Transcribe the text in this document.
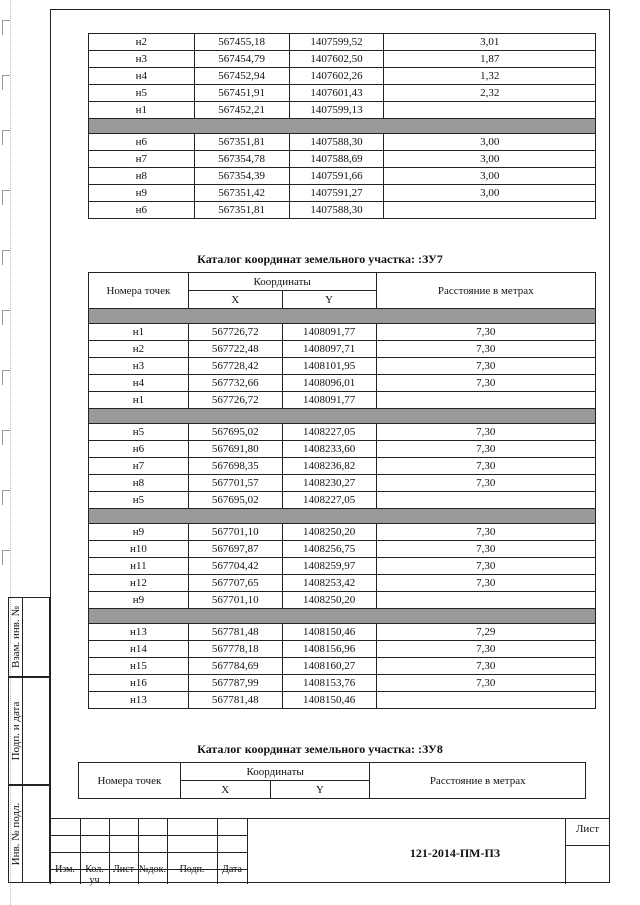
Взам. инв. №
Подп. и дата
Инв. № подл.
н2	567455,18	1407599,52	3,01
н3	567454,79	1407602,50	1,87
н4	567452,94	1407602,26	1,32
н5	567451,91	1407601,43	2,32
н1	567452,21	1407599,13	

н6	567351,81	1407588,30	3,00
н7	567354,78	1407588,69	3,00
н8	567354,39	1407591,66	3,00
н9	567351,42	1407591,27	3,00
н6	567351,81	1407588,30	
Каталог координат земельного участка: :ЗУ7
Номера точек	Координаты		Расстояние в метрах
	X	Y	

н1	567726,72	1408091,77	7,30
н2	567722,48	1408097,71	7,30
н3	567728,42	1408101,95	7,30
н4	567732,66	1408096,01	7,30
н1	567726,72	1408091,77	

н5	567695,02	1408227,05	7,30
н6	567691,80	1408233,60	7,30
н7	567698,35	1408236,82	7,30
н8	567701,57	1408230,27	7,30
н5	567695,02	1408227,05	

н9	567701,10	1408250,20	7,30
н10	567697,87	1408256,75	7,30
н11	567704,42	1408259,97	7,30
н12	567707,65	1408253,42	7,30
н9	567701,10	1408250,20	

н13	567781,48	1408150,46	7,29
н14	567778,18	1408156,96	7,30
н15	567784,69	1408160,27	7,30
н16	567787,99	1408153,76	7,30
н13	567781,48	1408150,46	
Каталог координат земельного участка: :ЗУ8
Номера точек	Координаты		Расстояние в метрах
	X	Y	
Изм.	Кол. уч
Лист №док.	Подп.	Дата
121-2014-ПМ-ПЗ
Лист
